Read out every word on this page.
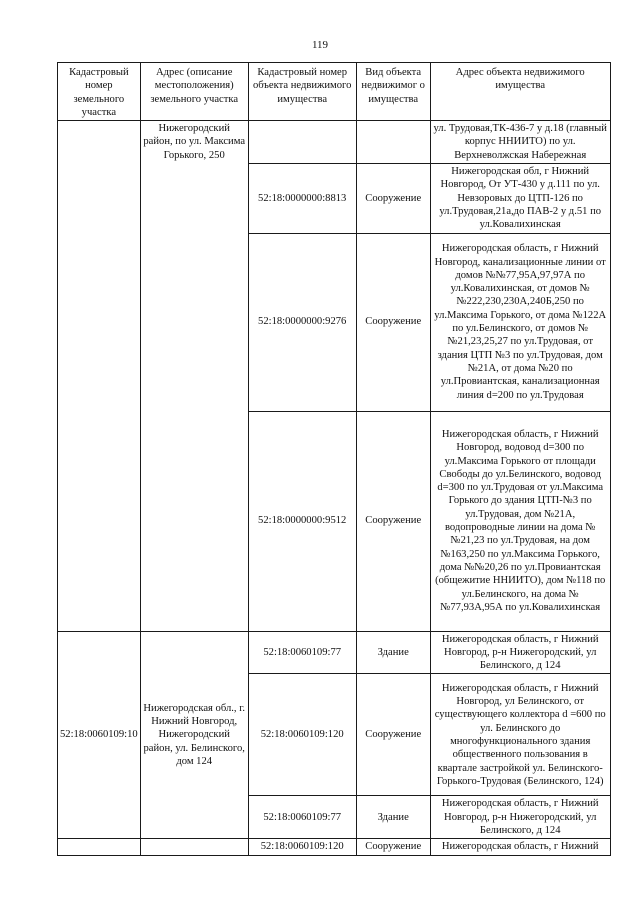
119
Кадастровый номер земельного участка	Адрес (описание местоположения) земельного участка	Кадастровый номер объекта недвижимого имущества	Вид объекта недвижимог о имущества	Адрес объекта недвижимого имущества
	Нижегородский район, по ул. Максима Горького, 250			ул. Трудовая,ТК-436-7 у д.18 (главный корпус ННИИТО) по ул. Верхневолжская Набережная
		52:18:0000000:8813	Сооружение	Нижегородская обл, г Нижний Новгород, От УТ-430 у д.111 по ул. Невзоровых до ЦТП-126 по ул.Трудовая,21а,до ПАВ-2 у д.51 по ул.Ковалихинская
		52:18:0000000:9276	Сооружение	Нижегородская область, г Нижний Новгород, канализационные линии от домов №№77,95А,97,97А по ул.Ковалихинская, от домов №№222,230,230А,240Б,250 по ул.Максима Горького, от дома №122А по ул.Белинского, от домов №№21,23,25,27 по ул.Трудовая, от здания ЦТП №3 по ул.Трудовая, дом №21А, от дома №20 по ул.Провиантская, канализационная линия d=200 по ул.Трудовая
		52:18:0000000:9512	Сооружение	Нижегородская область, г Нижний Новгород, водовод d=300 по ул.Максима Горького от площади Свободы до ул.Белинского, водовод d=300 по ул.Трудовая от ул.Максима Горького до здания ЦТП-№3 по ул.Трудовая, дом №21А, водопроводные линии на дома №№21,23 по ул.Трудовая, на дом №163,250 по ул.Максима Горького, дома №№20,26 по ул.Провиантская (общежитие ННИИТО), дом №118 по ул.Белинского, на дома №№77,93А,95А по ул.Ковалихинская
52:18:0060109:10	Нижегородская обл., г. Нижний Новгород, Нижегородский район, ул. Белинского, дом 124	52:18:0060109:77	Здание	Нижегородская область, г Нижний Новгород, р-н Нижегородский, ул Белинского, д 124
		52:18:0060109:120	Сооружение	Нижегородская область, г Нижний Новгород, ул Белинского, от существующего коллектора d =600 по ул. Белинского до многофункционального здания общественного пользования в квартале застройкой ул. Белинского-Горького-Трудовая (Белинского, 124)
		52:18:0060109:77	Здание	Нижегородская область, г Нижний Новгород, р-н Нижегородский, ул Белинского, д 124
		52:18:0060109:120	Сооружение	Нижегородская область, г Нижний
